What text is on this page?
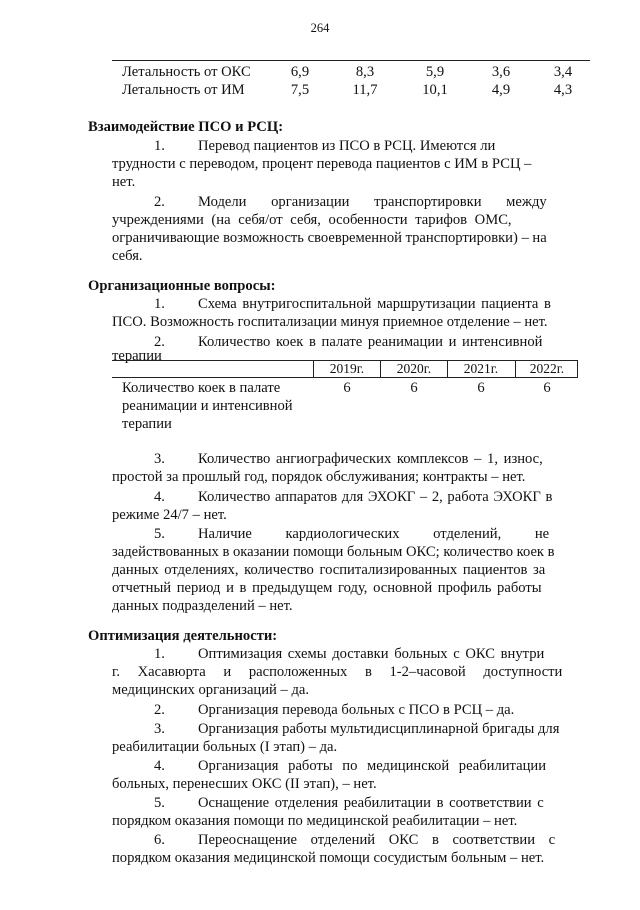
264
Летальность от ОКС	6,9	8,3	5,9	3,6	3,4
Летальность от ИМ	7,5	11,7	10,1	4,9	4,3
Взаимодействие ПСО и РСЦ:
1. Перевод пациентов из ПСО в РСЦ. Имеются ли
трудности с переводом, процент перевода пациентов с ИМ в РСЦ –
нет.
2. Модели организации транспортировки между
учреждениями (на себя/от себя, особенности тарифов ОМС,
ограничивающие возможность своевременной транспортировки) – на
себя.
Организационные вопросы:
1. Схема внутригоспитальной маршрутизации пациента в
ПСО. Возможность госпитализации минуя приемное отделение – нет.
2. Количество коек в палате реанимации и интенсивной
терапии
2019г.	2020г.	2021г.	2022г.
Количество коек в палате
реанимации и интенсивной
терапии
6	6	6	6
3. Количество ангиографических комплексов – 1, износ,
простой за прошлый год, порядок обслуживания; контракты – нет.
4. Количество аппаратов для ЭХОКГ – 2, работа ЭХОКГ в
режиме 24/7 – нет.
5. Наличие кардиологических отделений, не
задействованных в оказании помощи больным ОКС; количество коек в
данных отделениях, количество госпитализированных пациентов за
отчетный период и в предыдущем году, основной профиль работы
данных подразделений – нет.
Оптимизация деятельности:
1. Оптимизация схемы доставки больных с ОКС внутри
г. Хасавюрта и расположенных в 1-2–часовой доступности
медицинских организаций – да.
2. Организация перевода больных с ПСО в РСЦ – да.
3. Организация работы мультидисциплинарной бригады для
реабилитации больных (I этап) – да.
4. Организация работы по медицинской реабилитации
больных, перенесших ОКС (II этап), – нет.
5. Оснащение отделения реабилитации в соответствии с
порядком оказания помощи по медицинской реабилитации – нет.
6. Переоснащение отделений ОКС в соответствии с
порядком оказания медицинской помощи сосудистым больным – нет.
